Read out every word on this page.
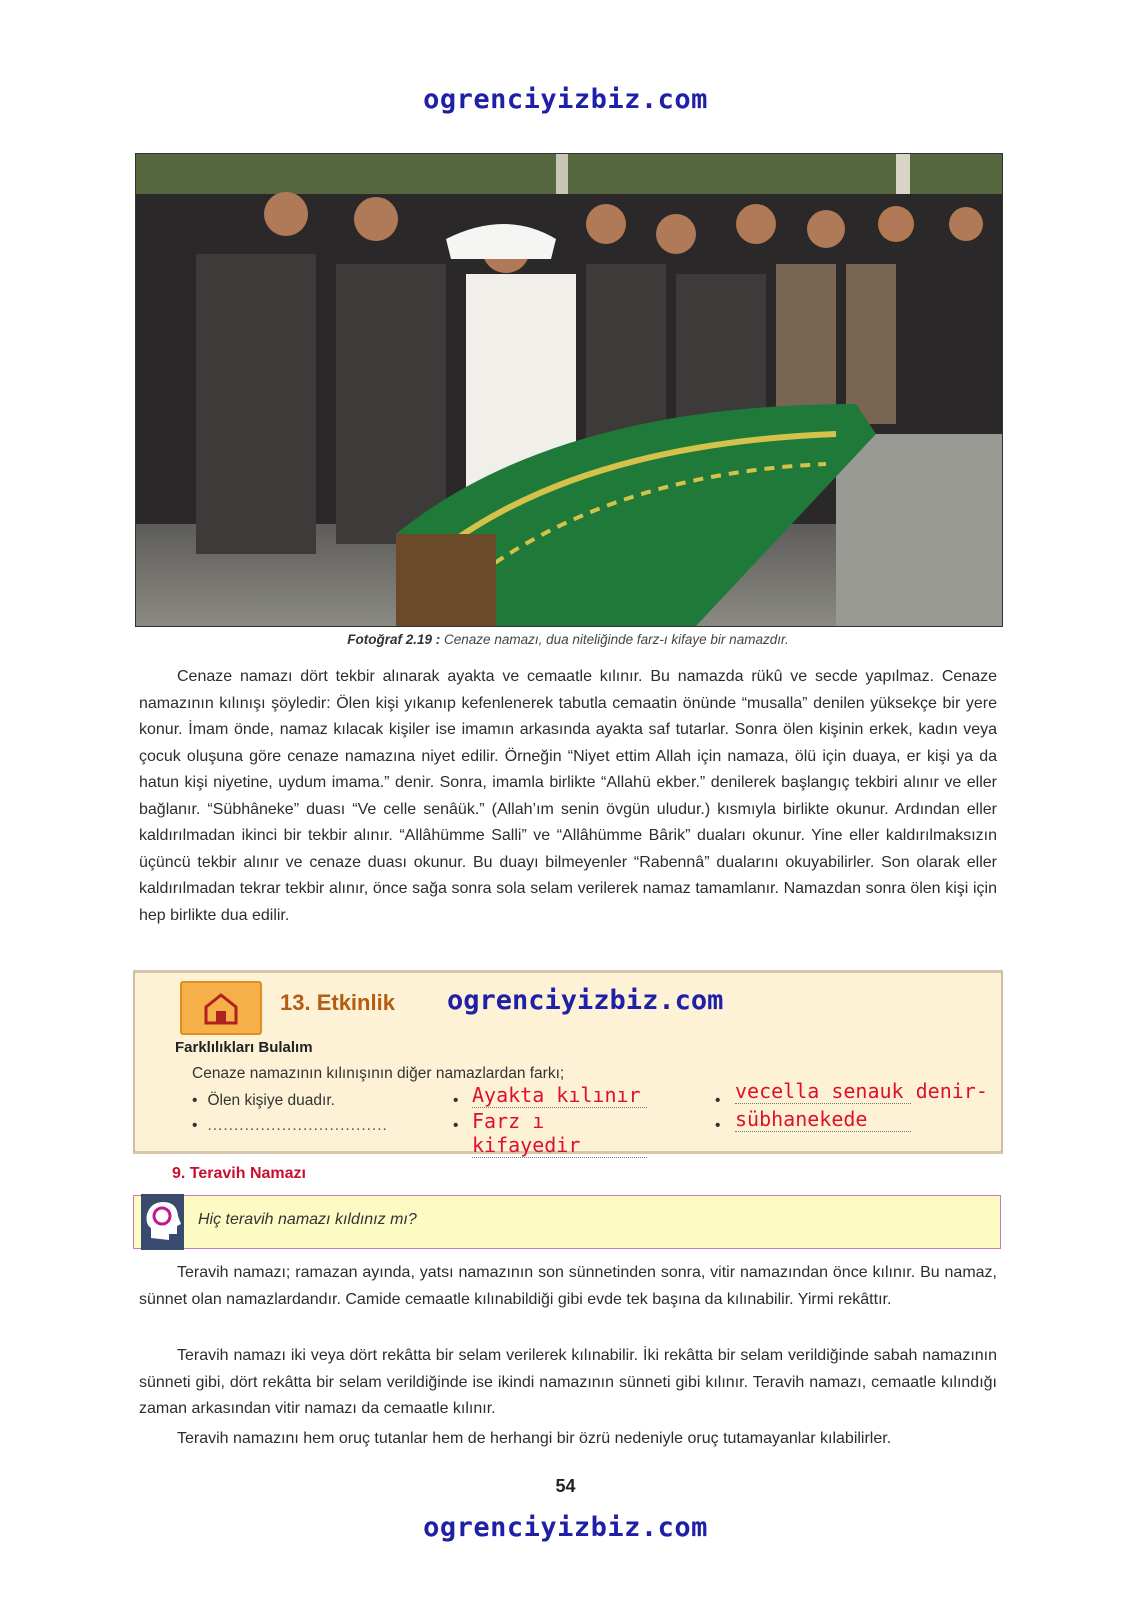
ogrenciyizbiz.com
Fotoğraf 2.19 : Cenaze namazı, dua niteliğinde farz-ı kifaye bir namazdır.

Cenaze namazı dört tekbir alınarak ayakta ve cemaatle kılınır. Bu namazda rükû ve secde yapılmaz. Cenaze namazının kılınışı şöyledir: Ölen kişi yıkanıp kefenlenerek tabutla cemaatin önünde “musalla” denilen yüksekçe bir yere konur. İmam önde, namaz kılacak kişiler ise imamın arkasında ayakta saf tutarlar. Sonra ölen kişinin erkek, kadın veya çocuk oluşuna göre cenaze namazına niyet edilir. Örneğin “Niyet ettim Allah için namaza, ölü için duaya, er kişi ya da hatun kişi niyetine, uydum imama.” denir. Sonra, imamla birlikte “Allahü ekber.” denilerek başlangıç tekbiri alınır ve eller bağlanır. “Sübhâneke” duası “Ve celle senâük.” (Allah’ım senin övgün uludur.) kısmıyla birlikte okunur. Ardından eller kaldırılmadan ikinci bir tekbir alınır. “Allâhümme Salli” ve “Allâhümme Bârik” duaları okunur. Yine eller kaldırılmaksızın üçüncü tekbir alınır ve cenaze duası okunur. Bu duayı bilmeyenler “Rabennâ” dualarını okuyabilirler. Son olarak eller kaldırılmadan tekrar tekbir alınır, önce sağa sonra sola selam verilerek namaz tamamlanır. Namazdan sonra ölen kişi için hep birlikte dua edilir.

13. Etkinlik ogrenciyizbiz.com
Farklılıkları Bulalım
Cenaze namazının kılınışının diğer namazlardan farkı;
• Ölen kişiye duadır.
• ..................................
• Ayakta kılınır
• Farz ı kifayedir
• vecella senauk denir-
• sübhanekede
9. Teravih Namazı
Hiç teravih namazı kıldınız mı?

Teravih namazı; ramazan ayında, yatsı namazının son sünnetinden sonra, vitir namazından önce kılınır. Bu namaz, sünnet olan namazlardandır. Camide cemaatle kılınabildiği gibi evde tek başına da kılınabilir. Yirmi rekâttır.

Teravih namazı iki veya dört rekâtta bir selam verilerek kılınabilir. İki rekâtta bir selam verildiğinde sabah namazının sünneti gibi, dört rekâtta bir selam verildiğinde ise ikindi namazının sünneti gibi kılınır. Teravih namazı, cemaatle kılındığı zaman arkasından vitir namazı da cemaatle kılınır.

Teravih namazını hem oruç tutanlar hem de herhangi bir özrü nedeniyle oruç tutamayanlar kılabilirler.

54
ogrenciyizbiz.com
